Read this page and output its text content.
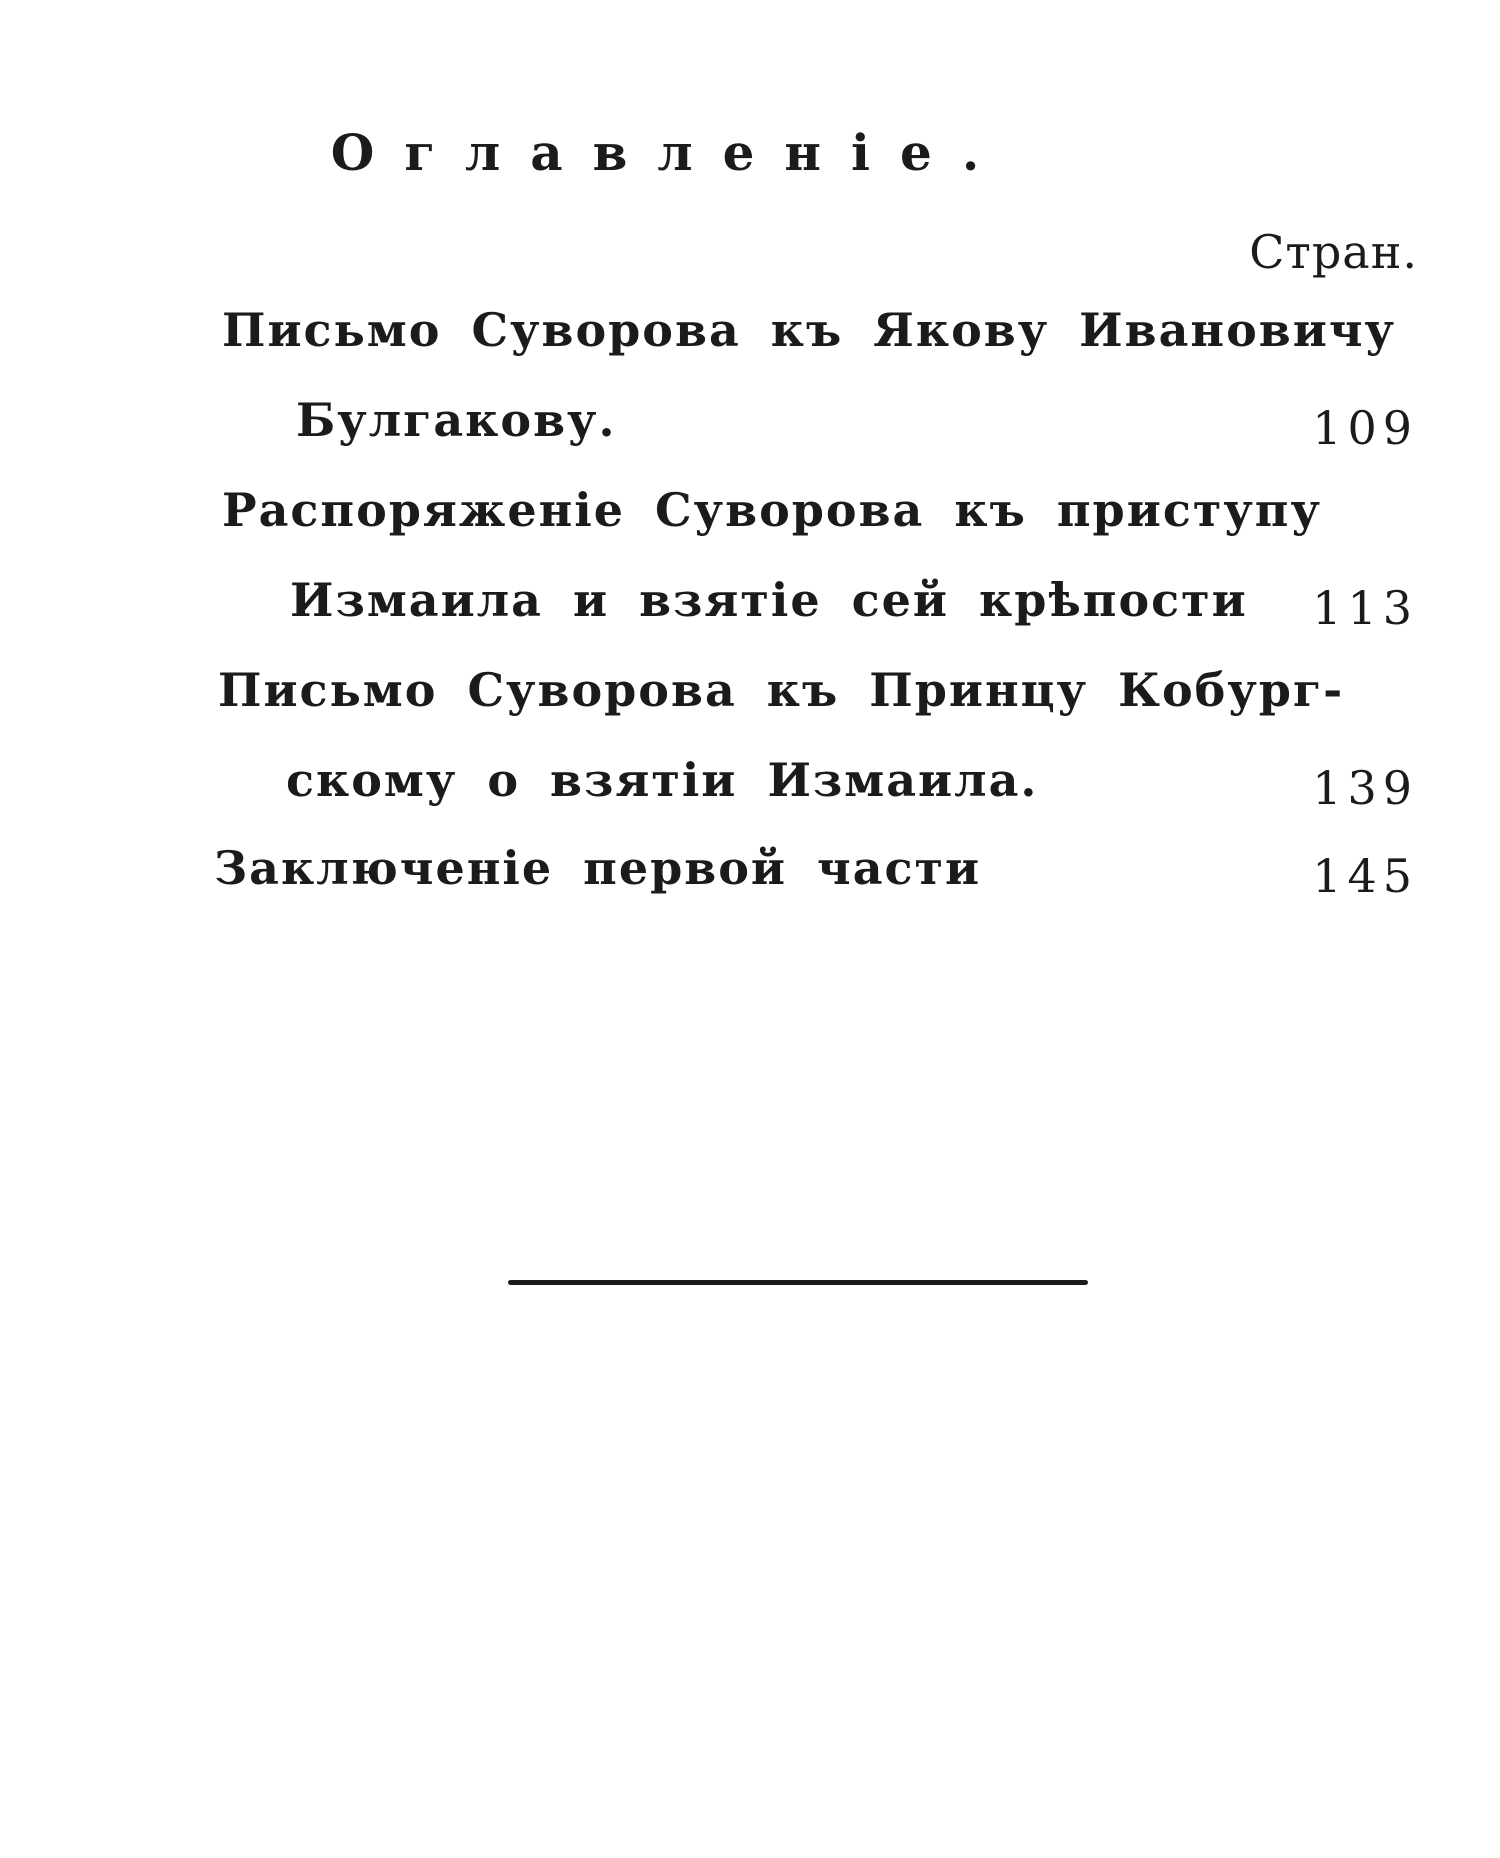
Оглавленіе.
Стран.
Письмо Суворова къ Якову Ивановичу
Булгакову.	109
Распоряженіе Суворова къ приступу
Измаила и взятіе сей крѣпости 113
Письмо Суворова къ Принцу Кобург-
скому о взятіи Измаила.	139
Заключеніе первой части	145
